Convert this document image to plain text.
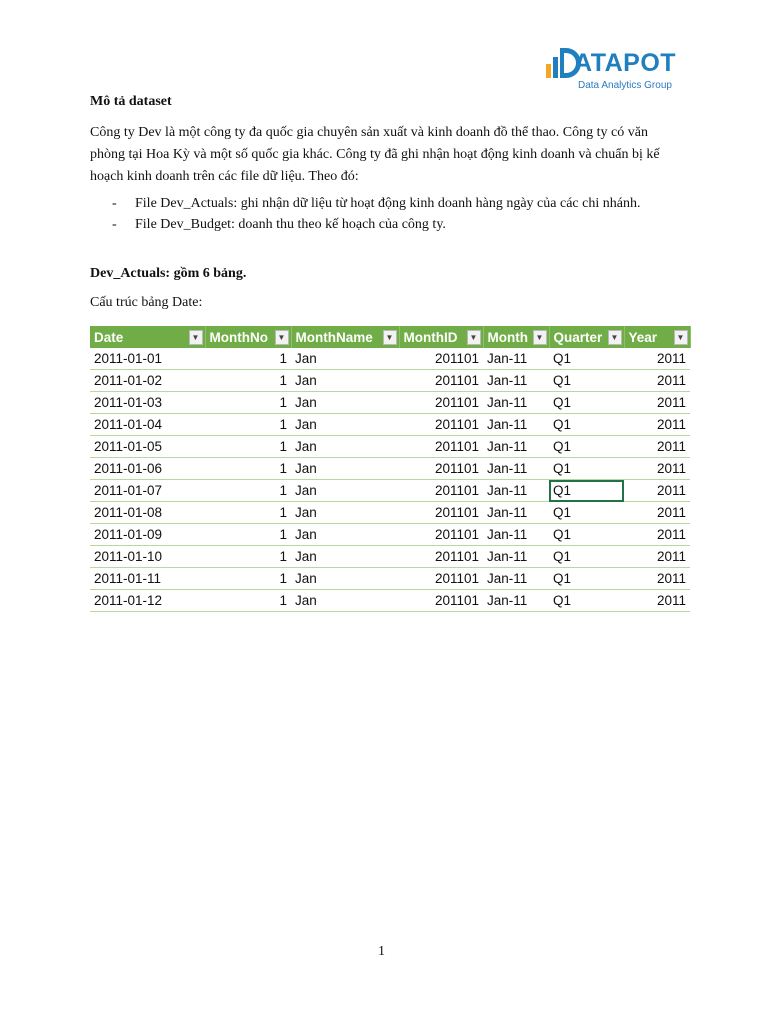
ATAPOT
Data Analytics Group
Mô tả dataset

Công ty Dev là một công ty đa quốc gia chuyên sản xuất và kinh doanh đồ thể thao. Công ty có văn phòng tại Hoa Kỳ và một số quốc gia khác. Công ty đã ghi nhận hoạt động kinh doanh và chuẩn bị kế hoạch kinh doanh trên các file dữ liệu. Theo đó:

- File Dev_Actuals: ghi nhận dữ liệu từ hoạt động kinh doanh hàng ngày của các chi nhánh.
- File Dev_Budget: doanh thu theo kế hoạch của công ty.
Dev_Actuals: gồm 6 bảng.
Cấu trúc bảng Date:
Date ▼	MonthNo ▼	MonthName ▼	MonthID ▼	Month ▼	Quarter ▼	Year ▼

2011-01-01	1	Jan	201101	Jan-11	Q1	2011
2011-01-02	1	Jan	201101	Jan-11	Q1	2011
2011-01-03	1	Jan	201101	Jan-11	Q1	2011
2011-01-04	1	Jan	201101	Jan-11	Q1	2011
2011-01-05	1	Jan	201101	Jan-11	Q1	2011
2011-01-06	1	Jan	201101	Jan-11	Q1	2011
2011-01-07	1	Jan	201101	Jan-11	Q1	2011
2011-01-08	1	Jan	201101	Jan-11	Q1	2011
2011-01-09	1	Jan	201101	Jan-11	Q1	2011
2011-01-10	1	Jan	201101	Jan-11	Q1	2011
2011-01-11	1	Jan	201101	Jan-11	Q1	2011
2011-01-12	1	Jan	201101	Jan-11	Q1	2011
1
